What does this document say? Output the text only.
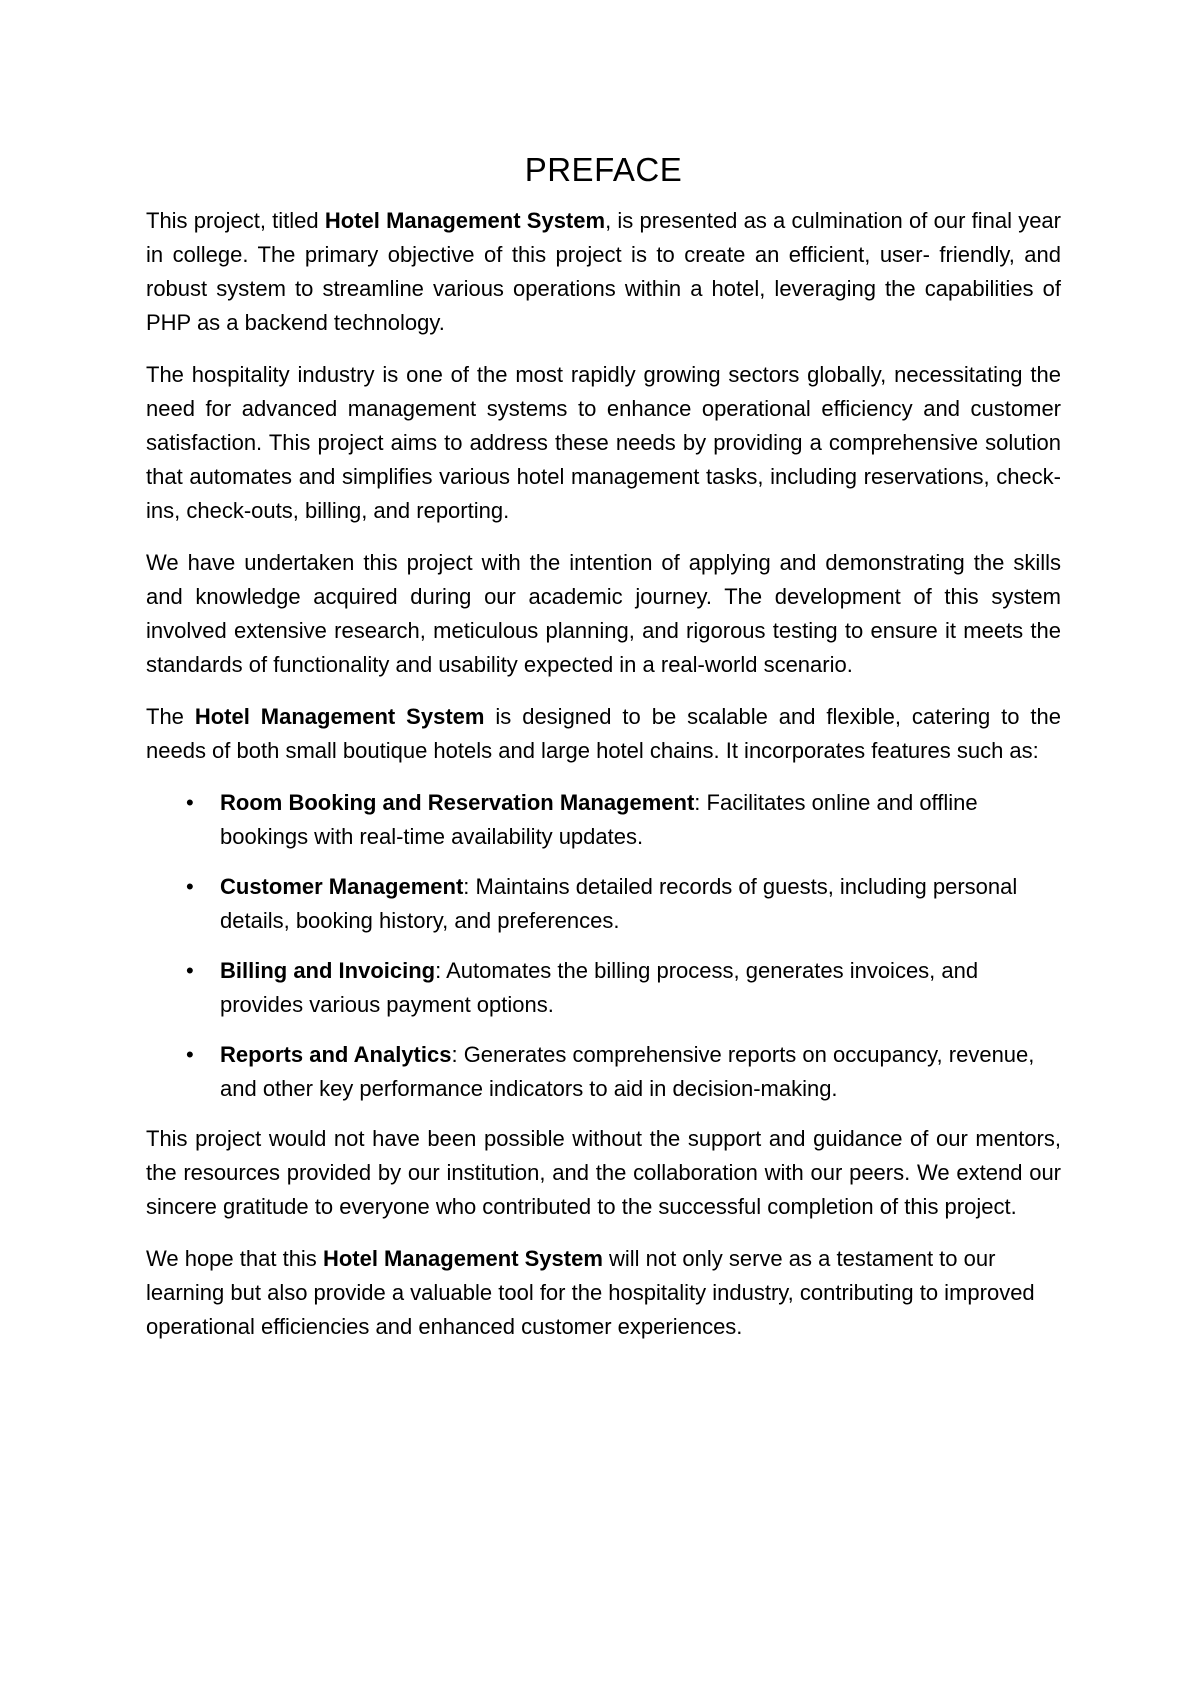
PREFACE

This project, titled Hotel Management System, is presented as a culmination of our final year in college. The primary objective of this project is to create an efficient, user- friendly, and robust system to streamline various operations within a hotel, leveraging the capabilities of PHP as a backend technology.

The hospitality industry is one of the most rapidly growing sectors globally, necessitating the need for advanced management systems to enhance operational efficiency and customer satisfaction. This project aims to address these needs by providing a comprehensive solution that automates and simplifies various hotel management tasks, including reservations, check-ins, check-outs, billing, and reporting.

We have undertaken this project with the intention of applying and demonstrating the skills and knowledge acquired during our academic journey. The development of this system involved extensive research, meticulous planning, and rigorous testing to ensure it meets the standards of functionality and usability expected in a real-world scenario.

The Hotel Management System is designed to be scalable and flexible, catering to the needs of both small boutique hotels and large hotel chains. It incorporates features such as:

• Room Booking and Reservation Management: Facilitates online and offline bookings with real-time availability updates.
• Customer Management: Maintains detailed records of guests, including personal details, booking history, and preferences.
• Billing and Invoicing: Automates the billing process, generates invoices, and provides various payment options.
• Reports and Analytics: Generates comprehensive reports on occupancy, revenue, and other key performance indicators to aid in decision-making.

This project would not have been possible without the support and guidance of our mentors, the resources provided by our institution, and the collaboration with our peers. We extend our sincere gratitude to everyone who contributed to the successful completion of this project.

We hope that this Hotel Management System will not only serve as a testament to our learning but also provide a valuable tool for the hospitality industry, contributing to improved operational efficiencies and enhanced customer experiences.
